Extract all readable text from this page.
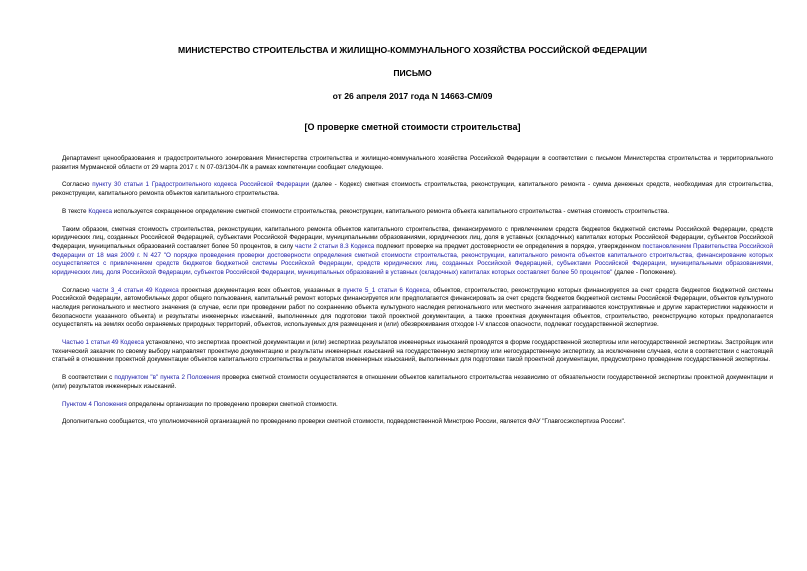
МИНИСТЕРСТВО СТРОИТЕЛЬСТВА И ЖИЛИЩНО-КОММУНАЛЬНОГО ХОЗЯЙСТВА РОССИЙСКОЙ ФЕДЕРАЦИИ
ПИСЬМО
от 26 апреля 2017 года N 14663-СМ/09
[О проверке сметной стоимости строительства]

Департамент ценообразования и градостроительного зонирования Министерства строительства и жилищно-коммунального хозяйства Российской Федерации в соответствии с письмом Министерства строительства и территориального развития Мурманской области от 29 марта 2017 г. N 07-03/1304-ЛК в рамках компетенции сообщает следующее.

Согласно пункту 30 статьи 1 Градостроительного кодекса Российской Федерации (далее - Кодекс) сметная стоимость строительства, реконструкции, капитального ремонта - сумма денежных средств, необходимая для строительства, реконструкции, капитального ремонта объектов капитального строительства.

В тексте Кодекса используется сокращенное определение сметной стоимости строительства, реконструкции, капитального ремонта объекта капитального строительства - сметная стоимость строительства.

Таким образом, сметная стоимость строительства, реконструкции, капитального ремонта объектов капитального строительства, финансируемого с привлечением средств бюджетов бюджетной системы Российской Федерации, средств юридических лиц, созданных Российской Федерацией, субъектами Российской Федерации, муниципальными образованиями, юридических лиц, доля в уставных (складочных) капиталах которых Российской Федерации, субъектов Российской Федерации, муниципальных образований составляет более 50 процентов, в силу части 2 статьи 8.3 Кодекса подлежит проверке на предмет достоверности ее определения в порядке, утвержденном постановлением Правительства Российской Федерации от 18 мая 2009 г. N 427 "О порядке проведения проверки достоверности определения сметной стоимости строительства, реконструкции, капитального ремонта объектов капитального строительства, финансирование которых осуществляется с привлечением средств бюджетов бюджетной системы Российской Федерации, средств юридических лиц, созданных Российской Федерацией, субъектами Российской Федерации, муниципальными образованиями, юридических лиц, доля Российской Федерации, субъектов Российской Федерации, муниципальных образований в уставных (складочных) капиталах которых составляет более 50 процентов" (далее - Положение).

Согласно части 3_4 статьи 49 Кодекса проектная документация всех объектов, указанных в пункте 5_1 статьи 6 Кодекса, объектов, строительство, реконструкцию которых финансируется за счет средств бюджетов бюджетной системы Российской Федерации, автомобильных дорог общего пользования, капитальный ремонт которых финансируется или предполагается финансировать за счет средств бюджетов бюджетной системы Российской Федерации, объектов культурного наследия регионального и местного значения (в случае, если при проведении работ по сохранению объекта культурного наследия регионального или местного значения затрагиваются конструктивные и другие характеристики надежности и безопасности указанного объекта) и результаты инженерных изысканий, выполненных для подготовки такой проектной документации, а также проектная документация объектов, строительство, реконструкцию которых предполагается осуществлять на землях особо охраняемых природных территорий, объектов, используемых для размещения и (или) обезвреживания отходов I-V классов опасности, подлежат государственной экспертизе.

Частью 1 статьи 49 Кодекса установлено, что экспертиза проектной документации и (или) экспертиза результатов инженерных изысканий проводятся в форме государственной экспертизы или негосударственной экспертизы. Застройщик или технический заказчик по своему выбору направляет проектную документацию и результаты инженерных изысканий на государственную экспертизу или негосударственную экспертизу, за исключением случаев, если в соответствии с настоящей статьей в отношении проектной документации объектов капитального строительства и результатов инженерных изысканий, выполненных для подготовки такой проектной документации, предусмотрено проведение государственной экспертизы.

В соответствии с подпунктом "в" пункта 2 Положения проверка сметной стоимости осуществляется в отношении объектов капитального строительства независимо от обязательности государственной экспертизы проектной документации и (или) результатов инженерных изысканий.

Пунктом 4 Положения определены организации по проведению проверки сметной стоимости.

Дополнительно сообщается, что уполномоченной организацией по проведению проверки сметной стоимости, подведомственной Минстрою России, является ФАУ "Главгосэкспертиза России".
